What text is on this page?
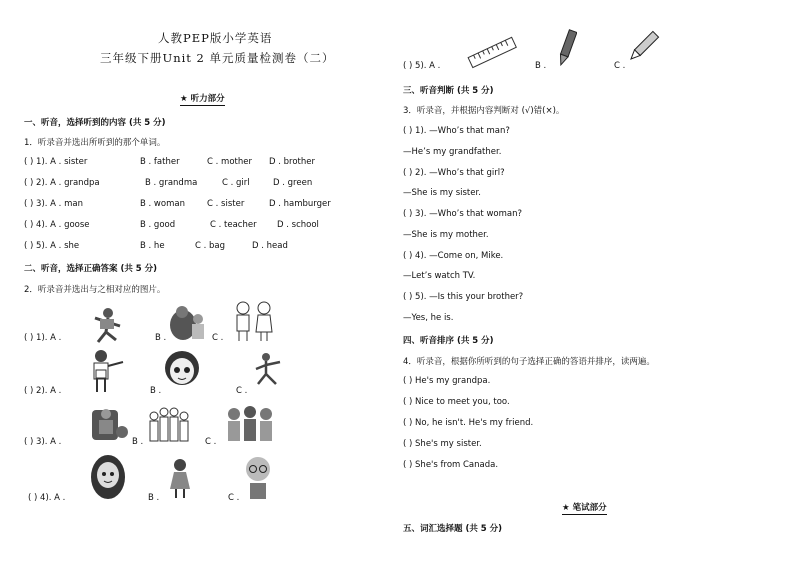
人教PEP版小学英语
三年级下册Unit 2 单元质量检测卷（二）
★ 听力部分
一、听音，选择听到的内容 (共 5 分)
1．听录音并选出所听到的那个单词。
( ) 1). A . sister	B . father	C . mother D . brother
( ) 2). A . grandpa	B . grandma	C . girl	D . green
( ) 3). A . man	B . woman	C . sister	D . hamburger
( ) 4). A . goose	B . good	C . teacher D . school
( ) 5). A . she	B . he	C . bag	D . head
二、听音，选择正确答案 (共 5 分)
2．听录音并选出与之相对应的图片。
( ) 1). A .	B .	C .
( ) 2). A .	B .	C .
( ) 3). A .	B .	C .
( ) 4). A .	B .	C .
( ) 5). A .	B .	C .
三、听音判断 (共 5 分)
3．听录音，并根据内容判断对 (√)错(×)。
( ) 1). —Who’s that man?
—He’s my grandfather.
( ) 2). —Who’s that girl?
—She is my sister.
( ) 3). —Who’s that woman?
—She is my mother.
( ) 4). —Come on, Mike.
—Let’s watch TV.
( ) 5). —Is this your brother?
—Yes, he is.
四、听音排序 (共 5 分)
4．听录音，根据你所听到的句子选择正确的答语并排序，读两遍。
( ) He's my grandpa.
( ) Nice to meet you, too.
( ) No, he isn't. He's my friend.
( ) She's my sister.
( ) She's from Canada.
★ 笔试部分
五、词汇选择题 (共 5 分)
